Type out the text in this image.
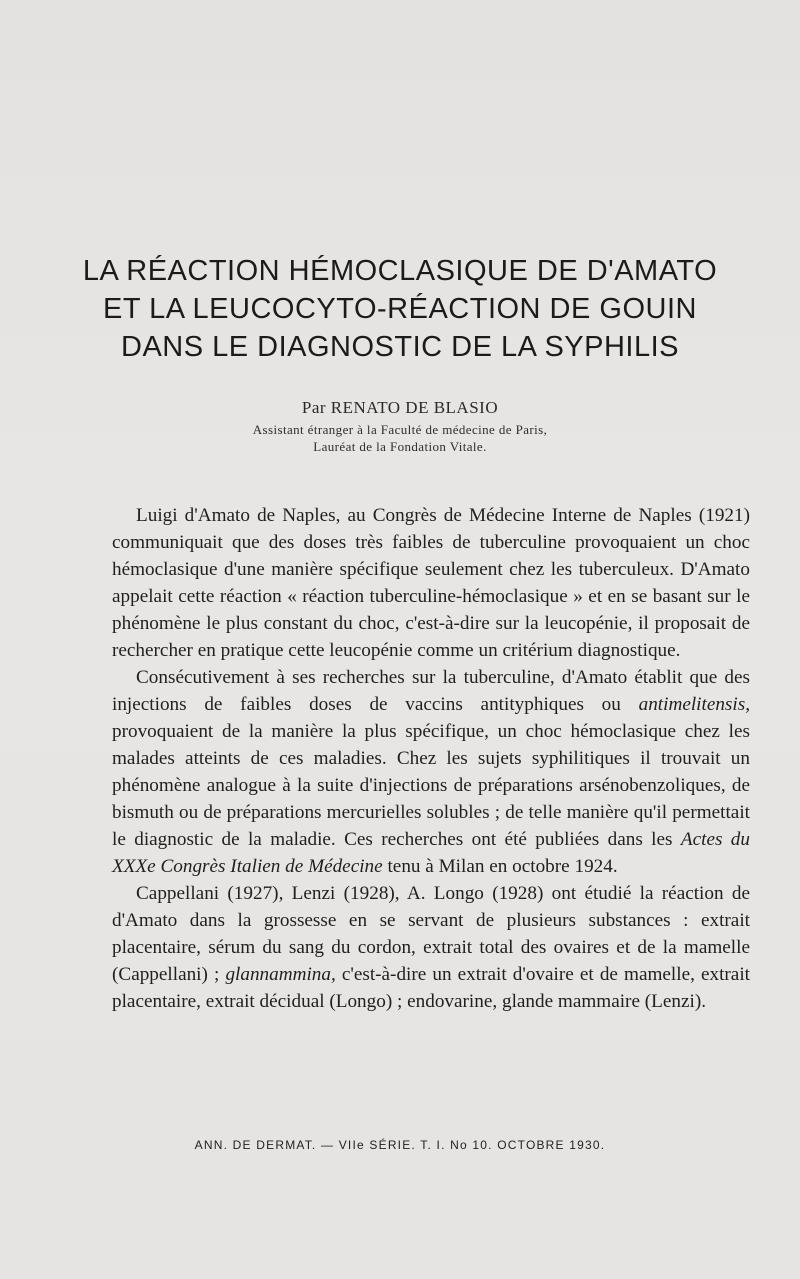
LA RÉACTION HÉMOCLASIQUE DE D'AMATO
ET LA LEUCOCYTO-RÉACTION DE GOUIN
DANS LE DIAGNOSTIC DE LA SYPHILIS
Par RENATO DE BLASIO
Assistant étranger à la Faculté de médecine de Paris,
Lauréat de la Fondation Vitale.

Luigi d'Amato de Naples, au Congrès de Médecine Interne de Naples (1921) communiquait que des doses très faibles de tuberculine provoquaient un choc hémoclasique d'une manière spécifique seulement chez les tuberculeux. D'Amato appelait cette réaction « réaction tuberculine-hémoclasique » et en se basant sur le phénomène le plus constant du choc, c'est-à-dire sur la leucopénie, il proposait de rechercher en pratique cette leucopénie comme un critérium diagnostique.

Consécutivement à ses recherches sur la tuberculine, d'Amato établit que des injections de faibles doses de vaccins antityphiques ou antimelitensis, provoquaient de la manière la plus spécifique, un choc hémoclasique chez les malades atteints de ces maladies. Chez les sujets syphilitiques il trouvait un phénomène analogue à la suite d'injections de préparations arsénobenzoliques, de bismuth ou de préparations mercurielles solubles ; de telle manière qu'il permettait le diagnostic de la maladie. Ces recherches ont été publiées dans les Actes du XXXe Congrès Italien de Médecine tenu à Milan en octobre 1924.

Cappellani (1927), Lenzi (1928), A. Longo (1928) ont étudié la réaction de d'Amato dans la grossesse en se servant de plusieurs substances : extrait placentaire, sérum du sang du cordon, extrait total des ovaires et de la mamelle (Cappellani) ; glannammina, c'est-à-dire un extrait d'ovaire et de mamelle, extrait placentaire, extrait décidual (Longo) ; endovarine, glande mammaire (Lenzi).

ANN. DE DERMAT. — VIIe SÉRIE. T. I. No 10. OCTOBRE 1930.
